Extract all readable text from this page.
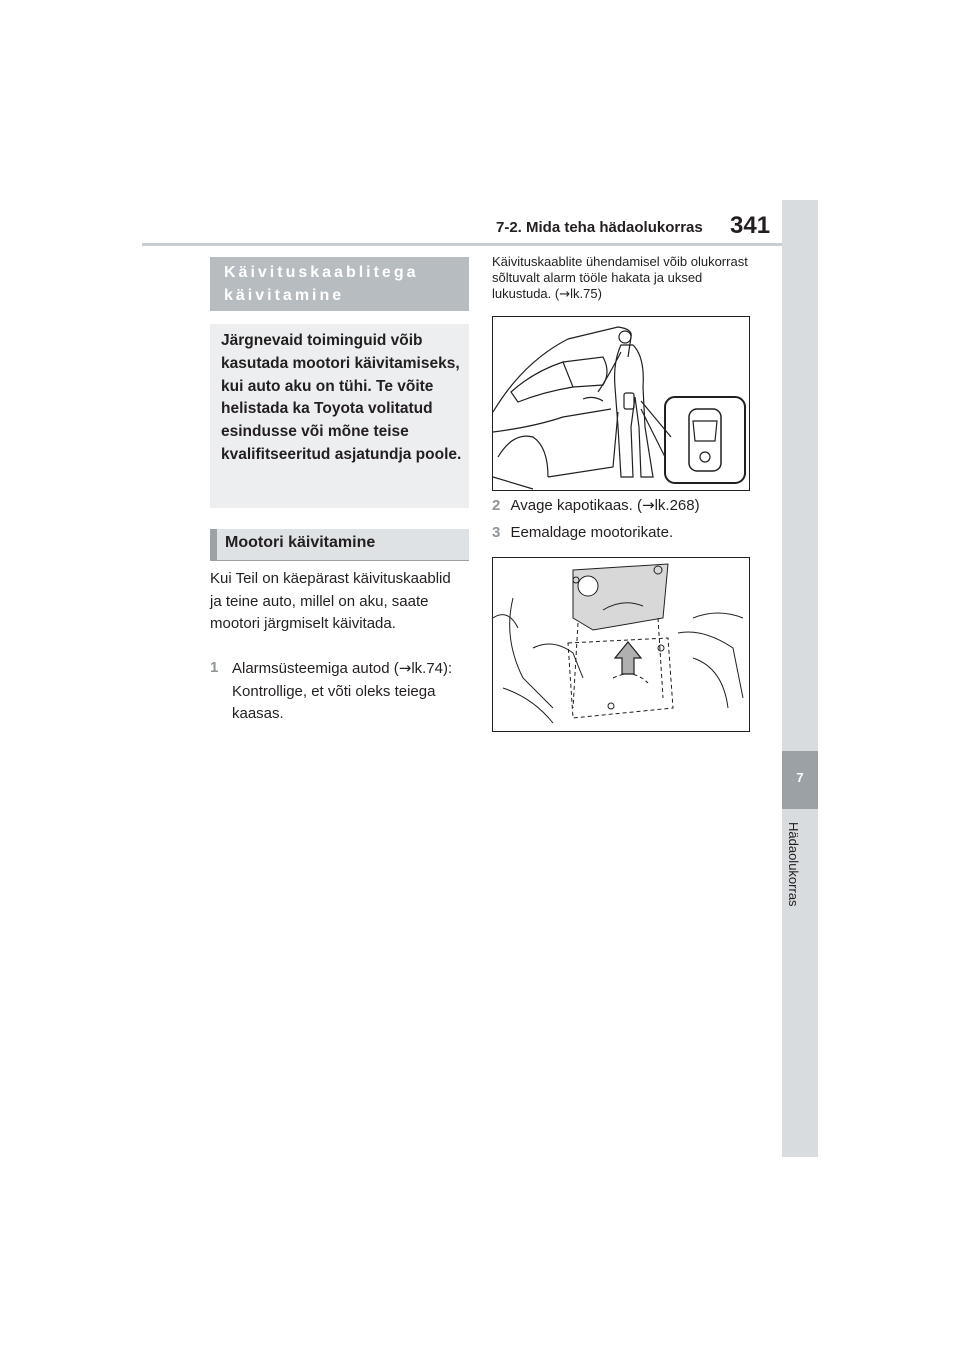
7-2. Mida teha hädaolukorras 341
7
Hädaolukorras
Käivituskaablitega käivitamine
Järgnevaid toiminguid võib kasutada mootori käivitamiseks, kui auto aku on tühi. Te võite helistada ka Toyota volitatud esindusse või mõne teise kvalifitseeritud asjatundja poole.
Mootori käivitamine
Kui Teil on käepärast käivituskaablid ja teine auto, millel on aku, saate mootori järgmiselt käivitada.
1 Alarmsüsteemiga autod (→lk.74): Kontrollige, et võti oleks teiega kaasas.
Käivituskaablite ühendamisel võib olukorrast sõltuvalt alarm tööle hakata ja uksed lukustuda. (→lk.75)
2 Avage kapotikaas. (→lk.268)
3 Eemaldage mootorikate.
